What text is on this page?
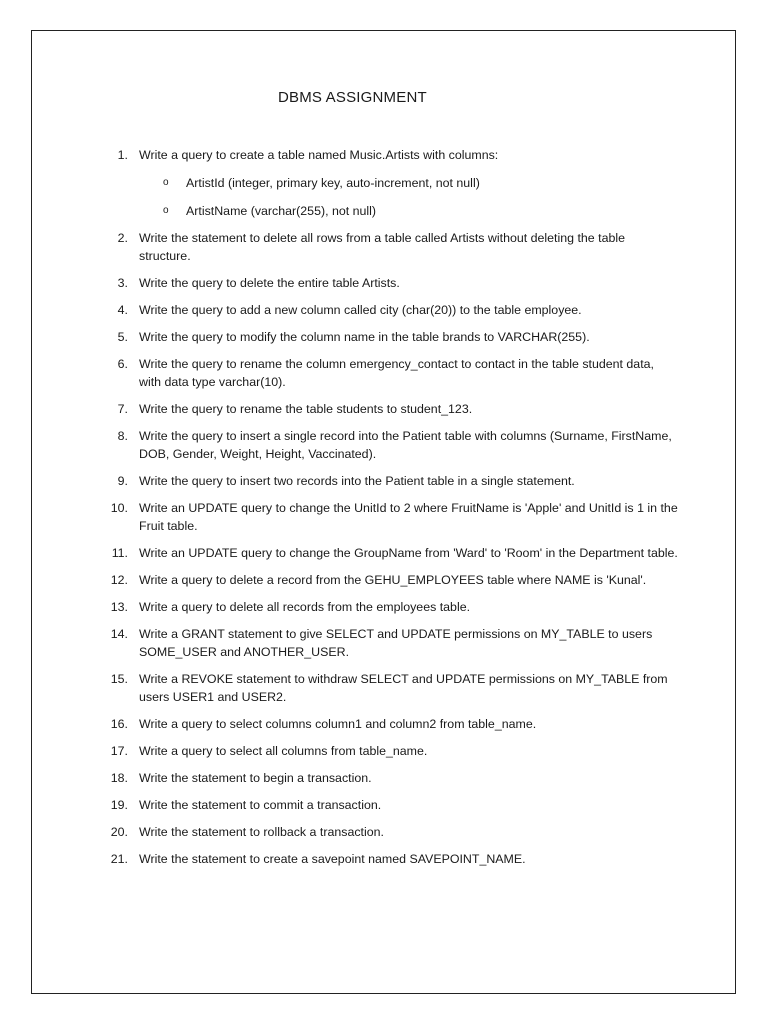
DBMS ASSIGNMENT
1. Write a query to create a table named Music.Artists with columns:
o ArtistId (integer, primary key, auto-increment, not null)
o ArtistName (varchar(255), not null)
2. Write the statement to delete all rows from a table called Artists without deleting the table structure.
3. Write the query to delete the entire table Artists.
4. Write the query to add a new column called city (char(20)) to the table employee.
5. Write the query to modify the column name in the table brands to VARCHAR(255).
6. Write the query to rename the column emergency_contact to contact in the table student data, with data type varchar(10).
7. Write the query to rename the table students to student_123.
8. Write the query to insert a single record into the Patient table with columns (Surname, FirstName, DOB, Gender, Weight, Height, Vaccinated).
9. Write the query to insert two records into the Patient table in a single statement.
10. Write an UPDATE query to change the UnitId to 2 where FruitName is 'Apple' and UnitId is 1 in the Fruit table.
11. Write an UPDATE query to change the GroupName from 'Ward' to 'Room' in the Department table.
12. Write a query to delete a record from the GEHU_EMPLOYEES table where NAME is 'Kunal'.
13. Write a query to delete all records from the employees table.
14. Write a GRANT statement to give SELECT and UPDATE permissions on MY_TABLE to users SOME_USER and ANOTHER_USER.
15. Write a REVOKE statement to withdraw SELECT and UPDATE permissions on MY_TABLE from users USER1 and USER2.
16. Write a query to select columns column1 and column2 from table_name.
17. Write a query to select all columns from table_name.
18. Write the statement to begin a transaction.
19. Write the statement to commit a transaction.
20. Write the statement to rollback a transaction.
21. Write the statement to create a savepoint named SAVEPOINT_NAME.
